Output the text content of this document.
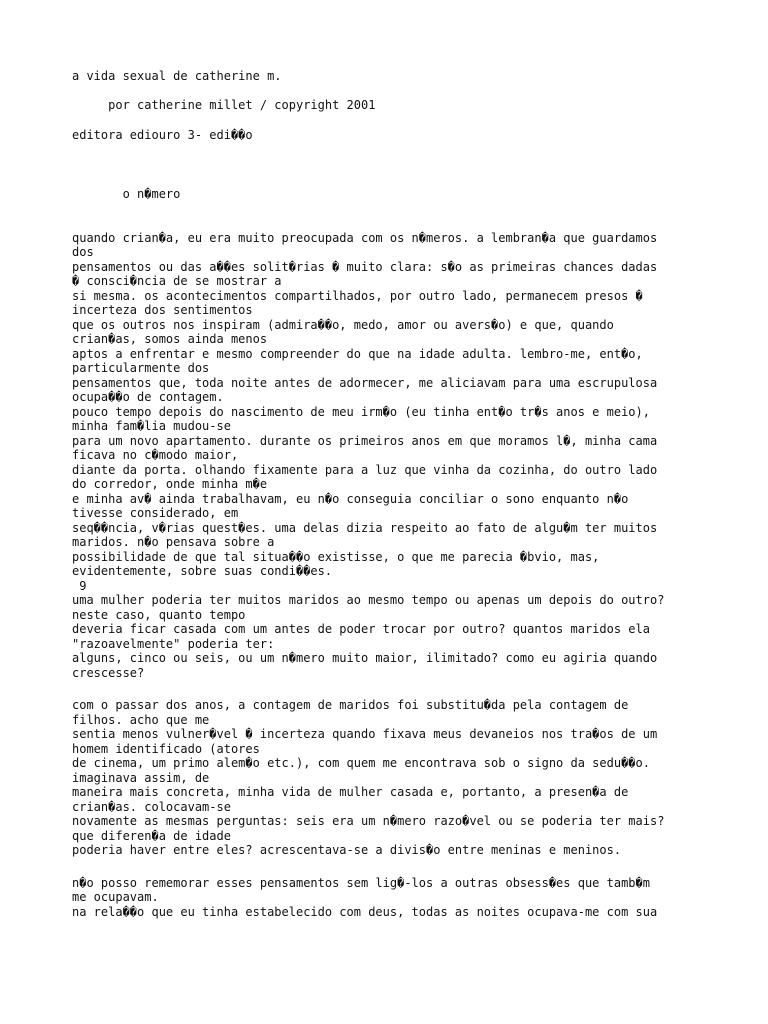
a vida sexual de catherine m.
por catherine millet / copyright 2001
editora ediouro 3- edi��o
o n�mero
quando crian�a, eu era muito preocupada com os n�meros. a lembran�a que guardamos
dos
pensamentos ou das a��es solit�rias � muito clara: s�o as primeiras chances dadas
� consci�ncia de se mostrar a
si mesma. os acontecimentos compartilhados, por outro lado, permanecem presos �
incerteza dos sentimentos
que os outros nos inspiram (admira��o, medo, amor ou avers�o) e que, quando
crian�as, somos ainda menos
aptos a enfrentar e mesmo compreender do que na idade adulta. lembro-me, ent�o,
particularmente dos
pensamentos que, toda noite antes de adormecer, me aliciavam para uma escrupulosa
ocupa��o de contagem.
pouco tempo depois do nascimento de meu irm�o (eu tinha ent�o tr�s anos e meio),
minha fam�lia mudou-se
para um novo apartamento. durante os primeiros anos em que moramos l�, minha cama
ficava no c�modo maior,
diante da porta. olhando fixamente para a luz que vinha da cozinha, do outro lado
do corredor, onde minha m�e
e minha av� ainda trabalhavam, eu n�o conseguia conciliar o sono enquanto n�o
tivesse considerado, em
seq��ncia, v�rias quest�es. uma delas dizia respeito ao fato de algu�m ter muitos
maridos. n�o pensava sobre a
possibilidade de que tal situa��o existisse, o que me parecia �bvio, mas,
evidentemente, sobre suas condi��es.
9
uma mulher poderia ter muitos maridos ao mesmo tempo ou apenas um depois do outro?
neste caso, quanto tempo
deveria ficar casada com um antes de poder trocar por outro? quantos maridos ela
"razoavelmente" poderia ter:
alguns, cinco ou seis, ou um n�mero muito maior, ilimitado? como eu agiria quando
crescesse?
com o passar dos anos, a contagem de maridos foi substitu�da pela contagem de
filhos. acho que me
sentia menos vulner�vel � incerteza quando fixava meus devaneios nos tra�os de um
homem identificado (atores
de cinema, um primo alem�o etc.), com quem me encontrava sob o signo da sedu��o.
imaginava assim, de
maneira mais concreta, minha vida de mulher casada e, portanto, a presen�a de
crian�as. colocavam-se
novamente as mesmas perguntas: seis era um n�mero razo�vel ou se poderia ter mais?
que diferen�a de idade
poderia haver entre eles? acrescentava-se a divis�o entre meninas e meninos.
n�o posso rememorar esses pensamentos sem lig�-los a outras obsess�es que tamb�m
me ocupavam.
na rela��o que eu tinha estabelecido com deus, todas as noites ocupava-me com sua
